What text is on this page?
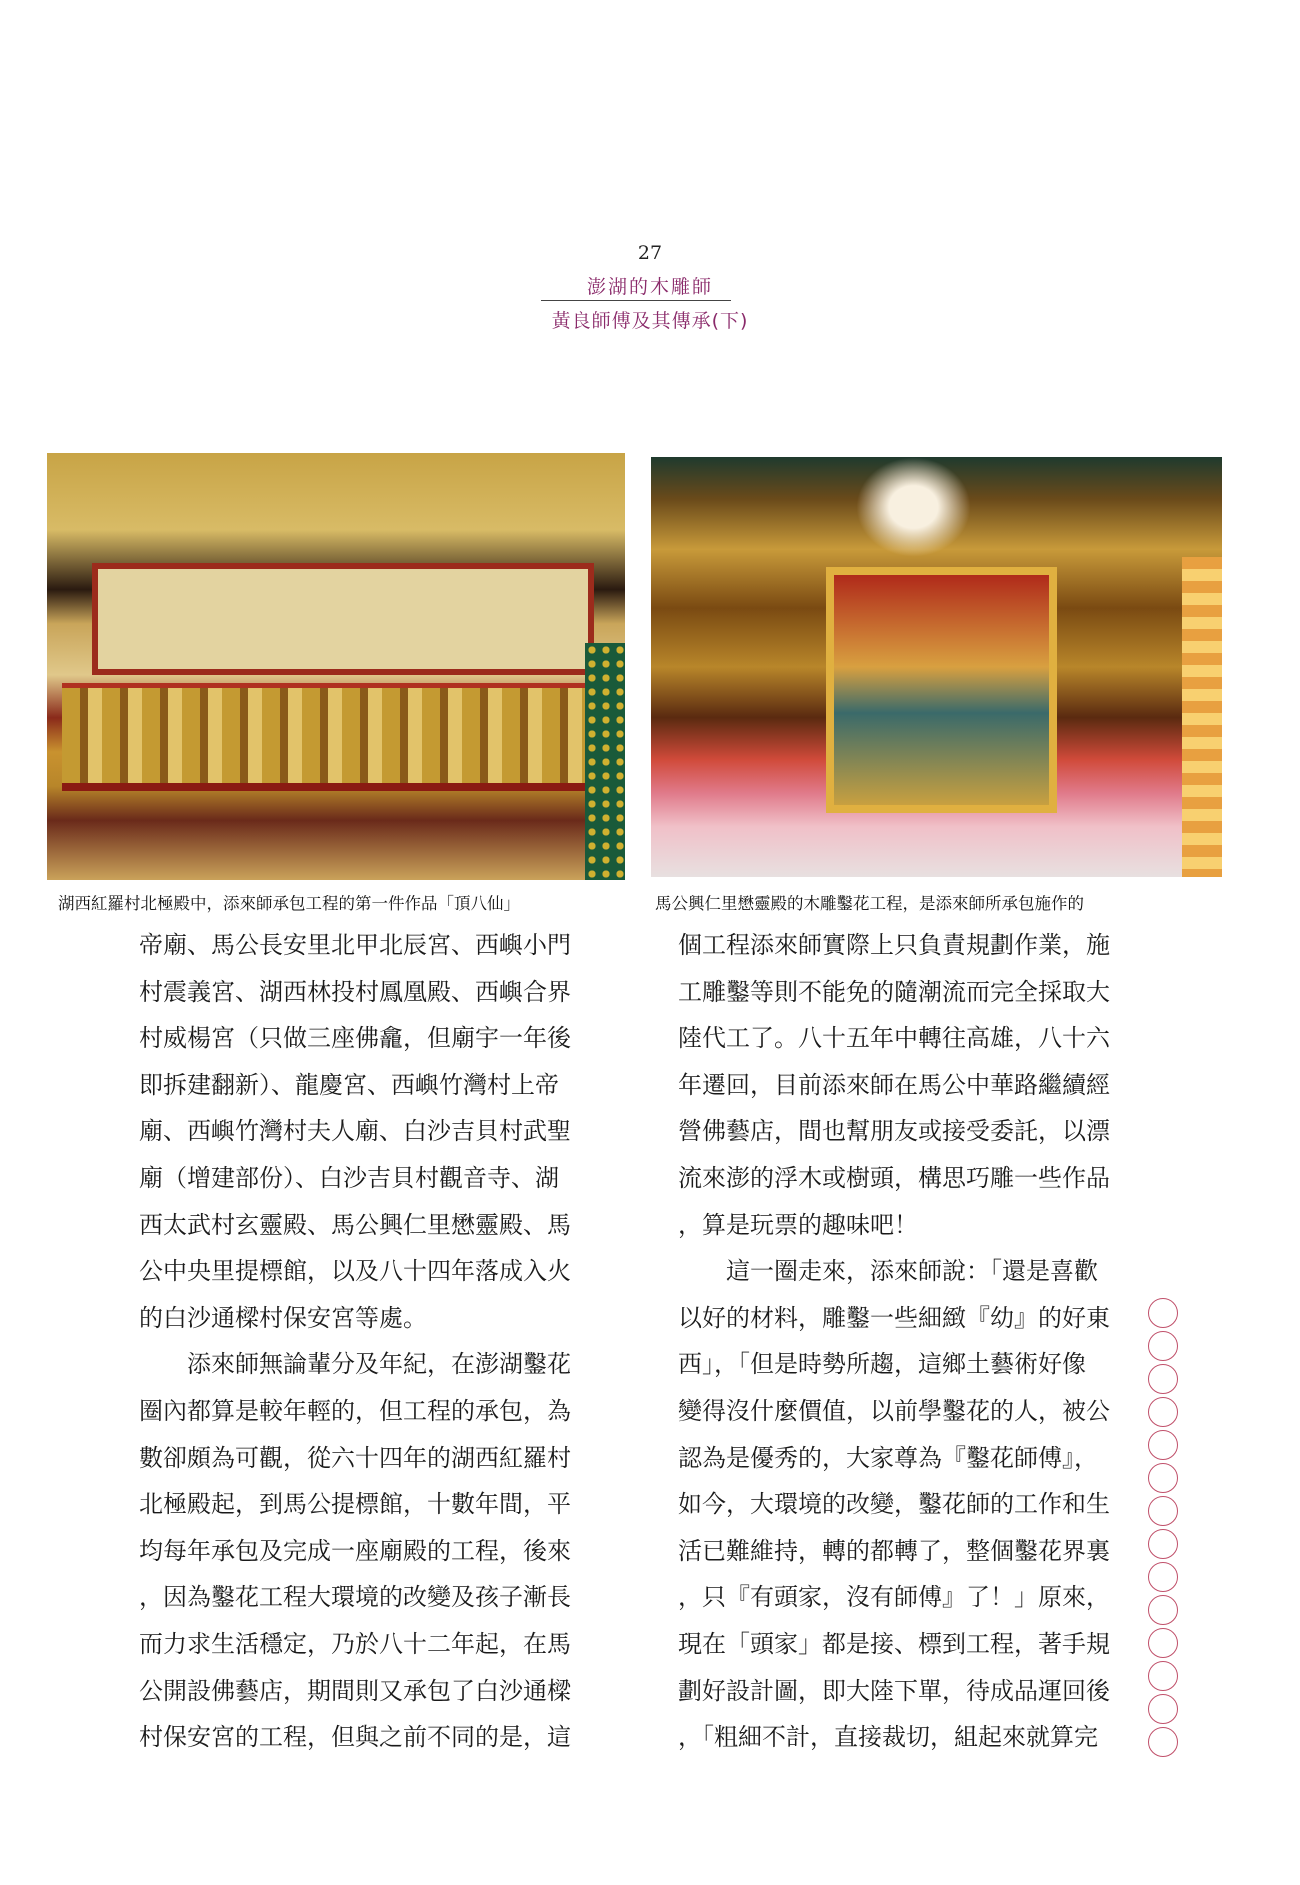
27
澎湖的木雕師
黃良師傅及其傳承(下)
湖西紅羅村北極殿中，添來師承包工程的第一件作品「頂八仙」	馬公興仁里懋靈殿的木雕鑿花工程，是添來師所承包施作的
帝廟、馬公長安里北甲北辰宮、西嶼小門
村震義宮、湖西林投村鳳凰殿、西嶼合界
村威楊宮（只做三座佛龕，但廟宇一年後
即拆建翻新）、龍慶宮、西嶼竹灣村上帝
廟、西嶼竹灣村夫人廟、白沙吉貝村武聖
廟（增建部份）、白沙吉貝村觀音寺、湖
西太武村玄靈殿、馬公興仁里懋靈殿、馬
公中央里提標館，以及八十四年落成入火
的白沙通樑村保安宮等處。
添來師無論輩分及年紀，在澎湖鑿花
圈內都算是較年輕的，但工程的承包，為
數卻頗為可觀，從六十四年的湖西紅羅村
北極殿起，到馬公提標館，十數年間，平
均每年承包及完成一座廟殿的工程，後來
，因為鑿花工程大環境的改變及孩子漸長
而力求生活穩定，乃於八十二年起，在馬
公開設佛藝店，期間則又承包了白沙通樑
村保安宮的工程，但與之前不同的是，這
個工程添來師實際上只負責規劃作業，施
工雕鑿等則不能免的隨潮流而完全採取大
陸代工了。八十五年中轉往高雄，八十六
年遷回，目前添來師在馬公中華路繼續經
營佛藝店，間也幫朋友或接受委託，以漂
流來澎的浮木或樹頭，構思巧雕一些作品
，算是玩票的趣味吧！
這一圈走來，添來師說：「還是喜歡
以好的材料，雕鑿一些細緻『幼』的好東
西」，「但是時勢所趨，這鄉土藝術好像
變得沒什麼價值，以前學鑿花的人，被公
認為是優秀的，大家尊為『鑿花師傅』，
如今，大環境的改變，鑿花師的工作和生
活已難維持，轉的都轉了，整個鑿花界裏
，只『有頭家，沒有師傅』了！」原來，
現在「頭家」都是接、標到工程，著手規
劃好設計圖，即大陸下單，待成品運回後
，「粗細不計，直接裁切，組起來就算完
